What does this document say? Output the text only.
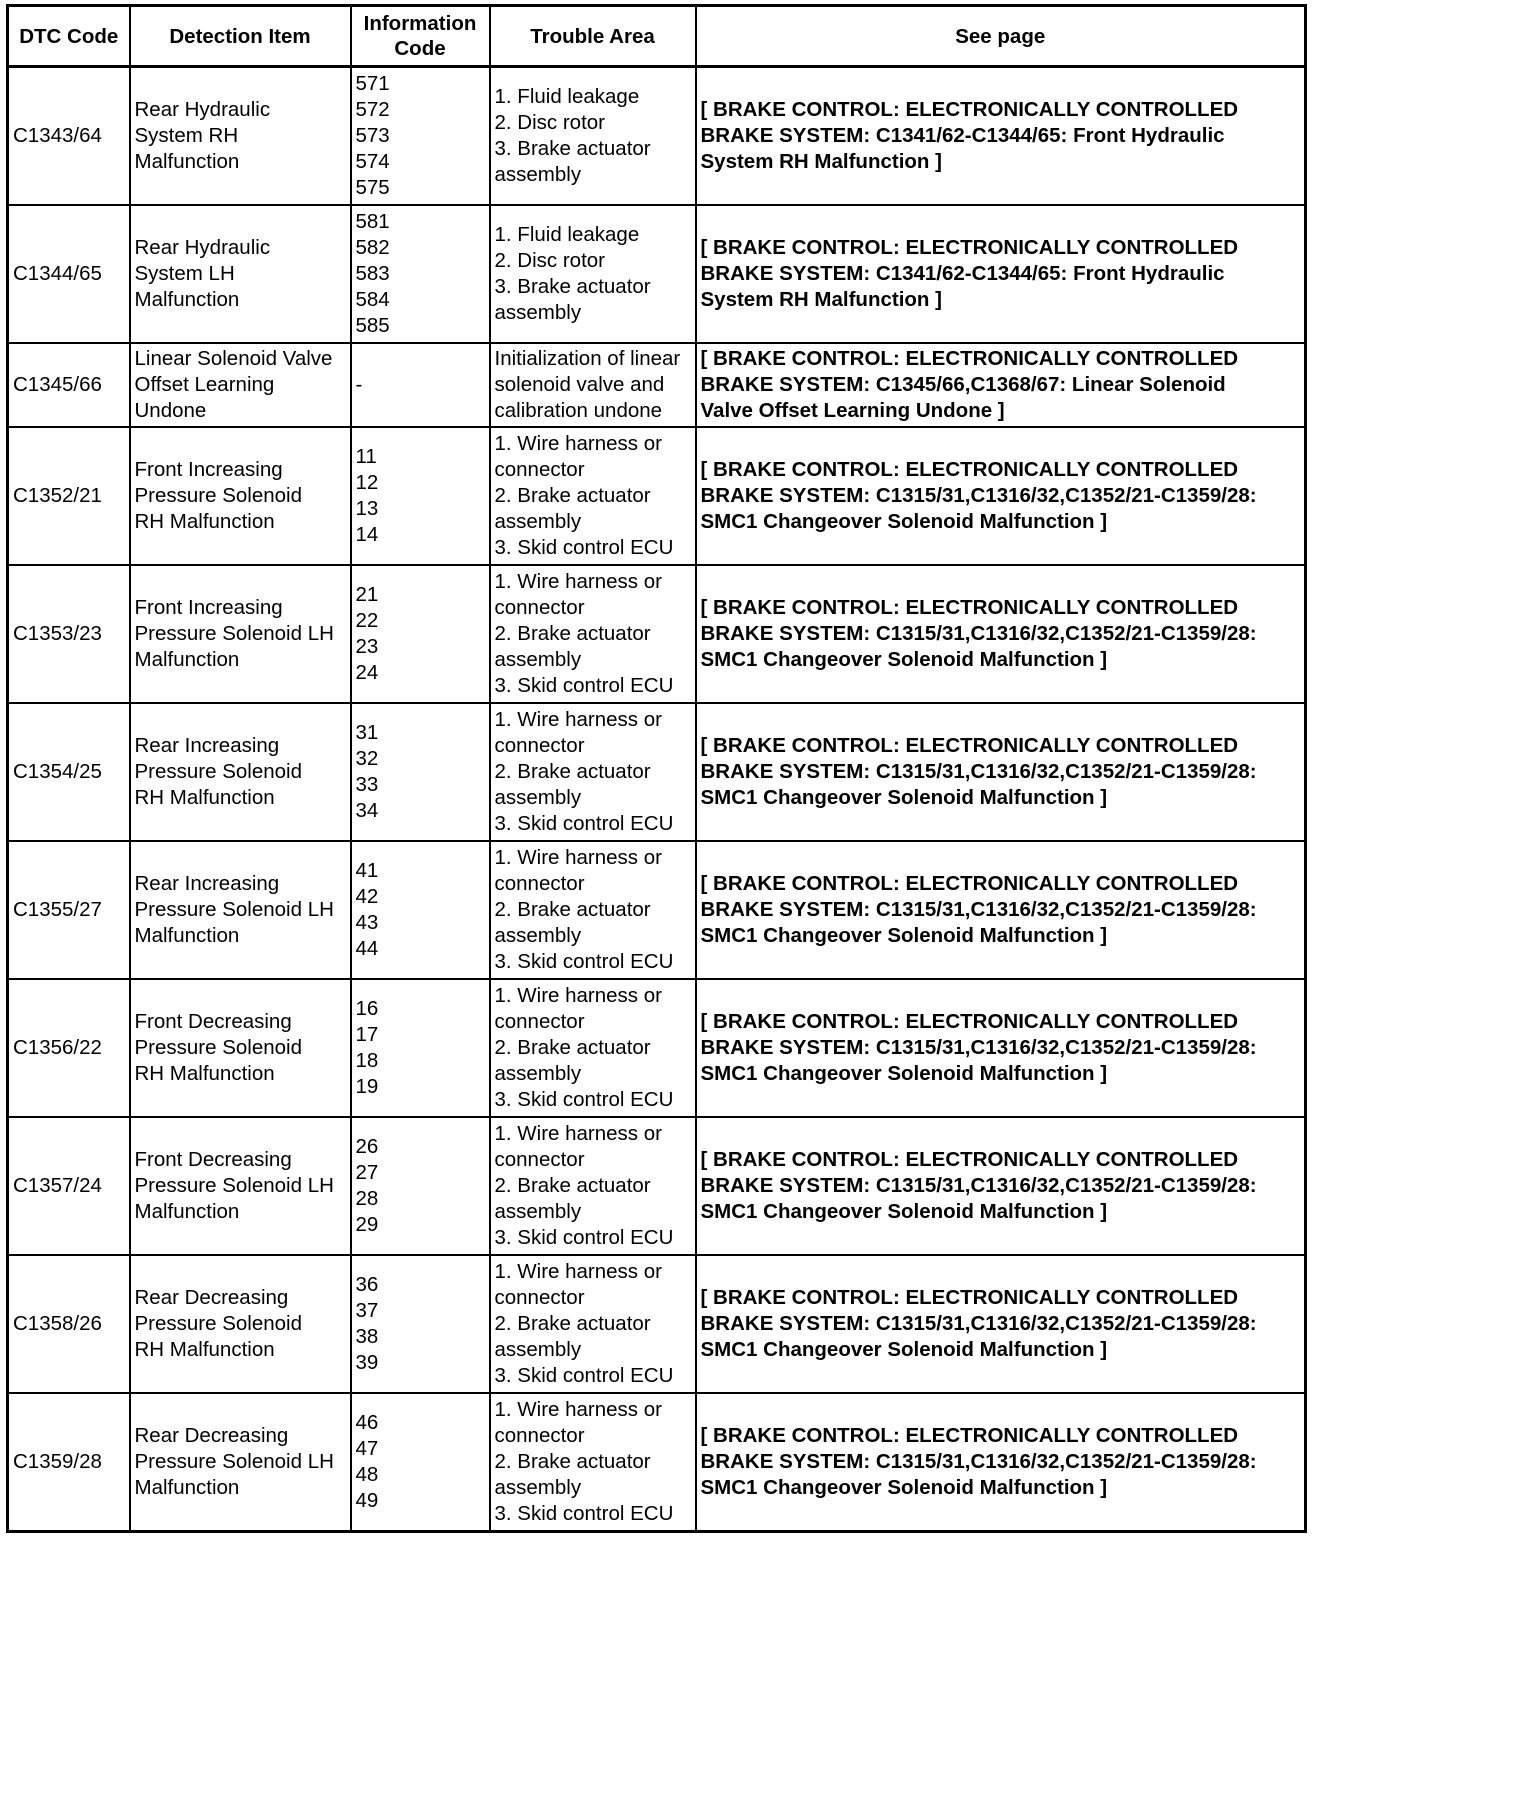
DTC Code	Detection Item	Information Code	Trouble Area	See page

C1343/64	Rear Hydraulic
System RH
Malfunction	571
572
573
574
575	1. Fluid leakage
2. Disc rotor
3. Brake actuator
assembly	[ BRAKE CONTROL: ELECTRONICALLY CONTROLLED
BRAKE SYSTEM: C1341/62-C1344/65: Front Hydraulic
System RH Malfunction ]

C1344/65	Rear Hydraulic
System LH
Malfunction	581
582
583
584
585	1. Fluid leakage
2. Disc rotor
3. Brake actuator
assembly	[ BRAKE CONTROL: ELECTRONICALLY CONTROLLED
BRAKE SYSTEM: C1341/62-C1344/65: Front Hydraulic
System RH Malfunction ]

C1345/66	Linear Solenoid Valve
Offset Learning
Undone	-	Initialization of linear
solenoid valve and
calibration undone	[ BRAKE CONTROL: ELECTRONICALLY CONTROLLED
BRAKE SYSTEM: C1345/66,C1368/67: Linear Solenoid
Valve Offset Learning Undone ]

C1352/21	Front Increasing
Pressure Solenoid
RH Malfunction	11
12
13
14	1. Wire harness or
connector
2. Brake actuator
assembly
3. Skid control ECU	[ BRAKE CONTROL: ELECTRONICALLY CONTROLLED
BRAKE SYSTEM: C1315/31,C1316/32,C1352/21-C1359/28:
SMC1 Changeover Solenoid Malfunction ]

C1353/23	Front Increasing
Pressure Solenoid LH
Malfunction	21
22
23
24	1. Wire harness or
connector
2. Brake actuator
assembly
3. Skid control ECU	[ BRAKE CONTROL: ELECTRONICALLY CONTROLLED
BRAKE SYSTEM: C1315/31,C1316/32,C1352/21-C1359/28:
SMC1 Changeover Solenoid Malfunction ]

C1354/25	Rear Increasing
Pressure Solenoid
RH Malfunction	31
32
33
34	1. Wire harness or
connector
2. Brake actuator
assembly
3. Skid control ECU	[ BRAKE CONTROL: ELECTRONICALLY CONTROLLED
BRAKE SYSTEM: C1315/31,C1316/32,C1352/21-C1359/28:
SMC1 Changeover Solenoid Malfunction ]

C1355/27	Rear Increasing
Pressure Solenoid LH
Malfunction	41
42
43
44	1. Wire harness or
connector
2. Brake actuator
assembly
3. Skid control ECU	[ BRAKE CONTROL: ELECTRONICALLY CONTROLLED
BRAKE SYSTEM: C1315/31,C1316/32,C1352/21-C1359/28:
SMC1 Changeover Solenoid Malfunction ]

C1356/22	Front Decreasing
Pressure Solenoid
RH Malfunction	16
17
18
19	1. Wire harness or
connector
2. Brake actuator
assembly
3. Skid control ECU	[ BRAKE CONTROL: ELECTRONICALLY CONTROLLED
BRAKE SYSTEM: C1315/31,C1316/32,C1352/21-C1359/28:
SMC1 Changeover Solenoid Malfunction ]

C1357/24	Front Decreasing
Pressure Solenoid LH
Malfunction	26
27
28
29	1. Wire harness or
connector
2. Brake actuator
assembly
3. Skid control ECU	[ BRAKE CONTROL: ELECTRONICALLY CONTROLLED
BRAKE SYSTEM: C1315/31,C1316/32,C1352/21-C1359/28:
SMC1 Changeover Solenoid Malfunction ]

C1358/26	Rear Decreasing
Pressure Solenoid
RH Malfunction	36
37
38
39	1. Wire harness or
connector
2. Brake actuator
assembly
3. Skid control ECU	[ BRAKE CONTROL: ELECTRONICALLY CONTROLLED
BRAKE SYSTEM: C1315/31,C1316/32,C1352/21-C1359/28:
SMC1 Changeover Solenoid Malfunction ]

C1359/28	Rear Decreasing
Pressure Solenoid LH
Malfunction	46
47
48
49	1. Wire harness or
connector
2. Brake actuator
assembly
3. Skid control ECU	[ BRAKE CONTROL: ELECTRONICALLY CONTROLLED
BRAKE SYSTEM: C1315/31,C1316/32,C1352/21-C1359/28:
SMC1 Changeover Solenoid Malfunction ]
